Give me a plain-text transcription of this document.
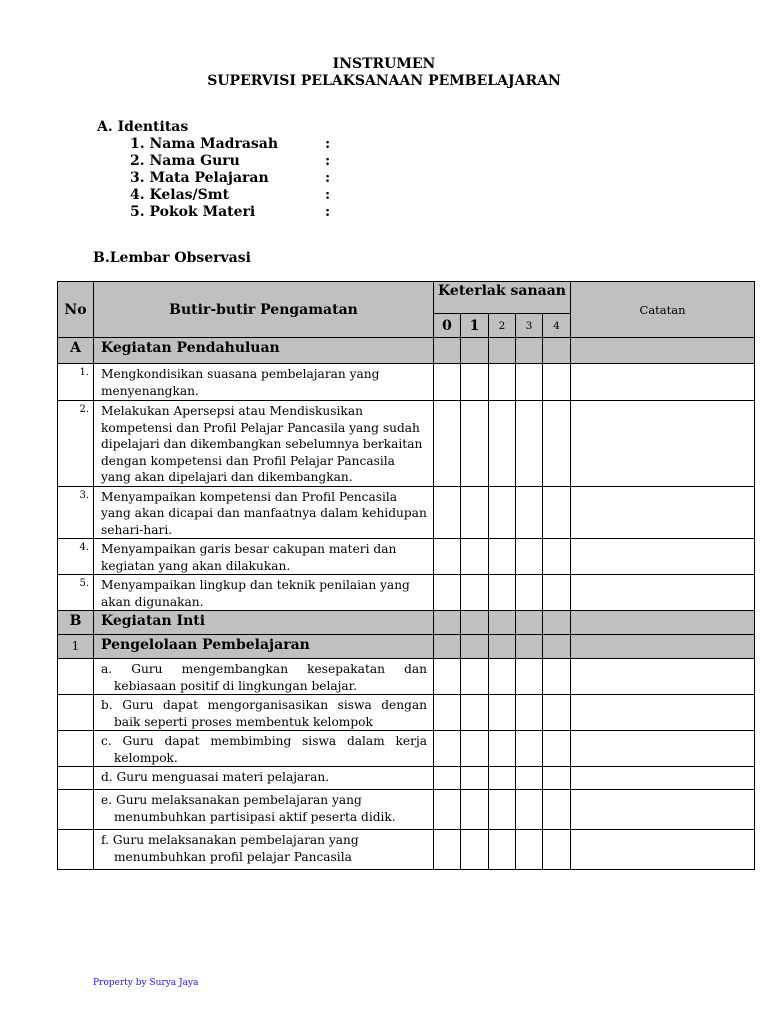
INSTRUMEN
SUPERVISI PELAKSANAAN PEMBELAJARAN
A. Identitas
1. Nama Madrasah	:
2. Nama Guru	:
3. Mata Pelajaran	:
4. Kelas/Smt	:
5. Pokok Materi	:
B.Lembar Observasi
No	Butir-butir Pengamatan	Keterlak sanaan					Catatan
		0	1	2	3	4	
A	Kegiatan Pendahuluan						
1.	Mengkondisikan suasana pembelajaran yang menyenangkan.						
2.	Melakukan Apersepsi atau Mendiskusikan kompetensi dan Profil Pelajar Pancasila yang sudah dipelajari dan dikembangkan sebelumnya berkaitan dengan kompetensi dan Profil Pelajar Pancasila yang akan dipelajari dan dikembangkan.						
3.	Menyampaikan kompetensi dan Profil Pencasila yang akan dicapai dan manfaatnya dalam kehidupan sehari-hari.						
4.	Menyampaikan garis besar cakupan materi dan kegiatan yang akan dilakukan.						
5.	Menyampaikan lingkup dan teknik penilaian yang akan digunakan.						
B	Kegiatan Inti						
1	Pengelolaan Pembelajaran						
	a. Guru mengembangkan kesepakatan dan kebiasaan positif di lingkungan belajar.						
	b. Guru dapat mengorganisasikan siswa dengan baik seperti proses membentuk kelompok						
	c. Guru dapat membimbing siswa dalam kerja kelompok.						
	d. Guru menguasai materi pelajaran.						
	e. Guru melaksanakan pembelajaran yang menumbuhkan partisipasi aktif peserta didik.						
	f. Guru melaksanakan pembelajaran yang menumbuhkan profil pelajar Pancasila						
Property by Surya Jaya
